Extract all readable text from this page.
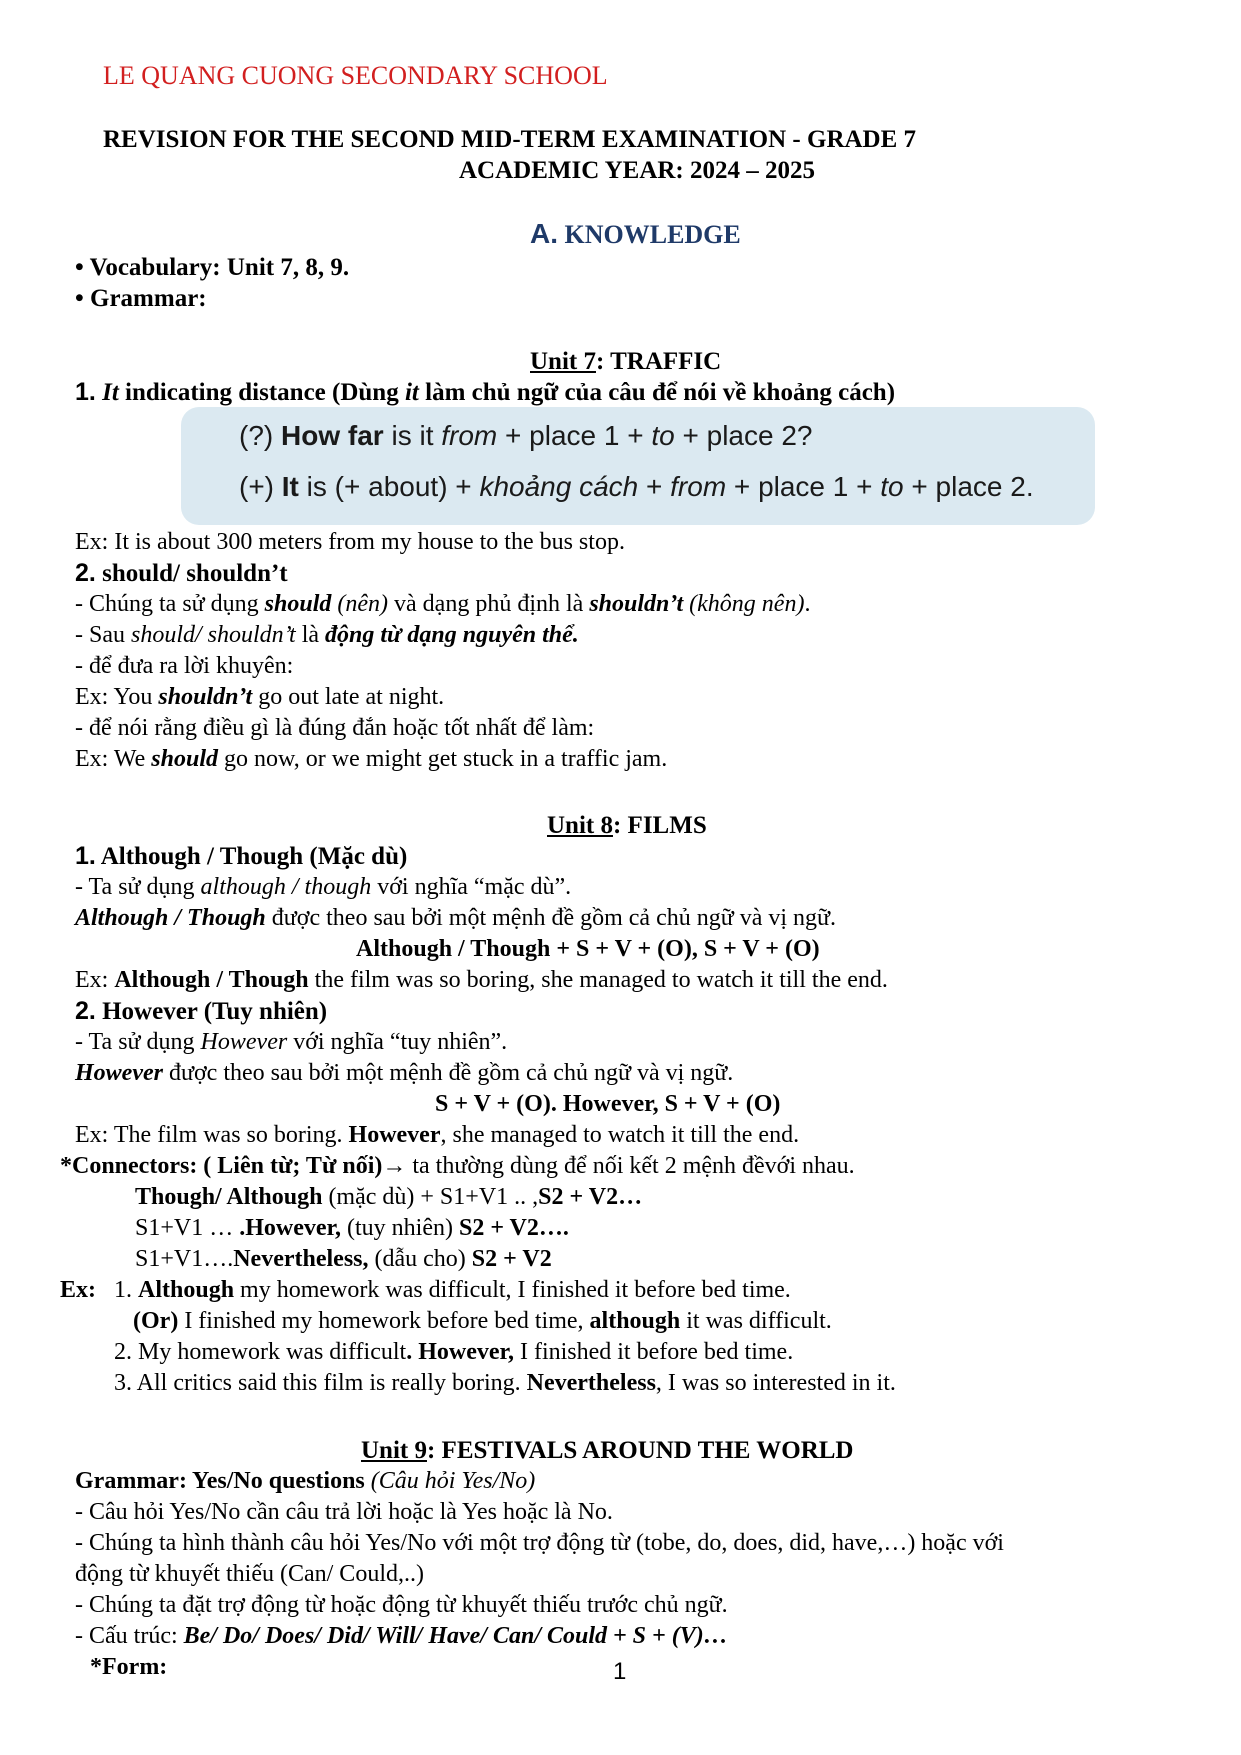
LE QUANG CUONG SECONDARY SCHOOL
REVISION FOR THE SECOND MID-TERM EXAMINATION - GRADE 7
ACADEMIC YEAR: 2024 – 2025
A. KNOWLEDGE
• Vocabulary: Unit 7, 8, 9.
• Grammar:
Unit 7: TRAFFIC
1. It indicating distance (Dùng it làm chủ ngữ của câu để nói về khoảng cách)
(?) How far is it from + place 1 + to + place 2?
(+) It is (+ about) + khoảng cách + from + place 1 + to + place 2.
Ex: It is about 300 meters from my house to the bus stop.
2. should/ shouldn’t
- Chúng ta sử dụng should (nên) và dạng phủ định là shouldn’t (không nên).
- Sau should/ shouldn’t là động từ dạng nguyên thể.
- để đưa ra lời khuyên:
Ex: You shouldn’t go out late at night.
- để nói rằng điều gì là đúng đắn hoặc tốt nhất để làm:
Ex: We should go now, or we might get stuck in a traffic jam.
Unit 8: FILMS
1. Although / Though (Mặc dù)
- Ta sử dụng although / though với nghĩa “mặc dù”.
Although / Though được theo sau bởi một mệnh đề gồm cả chủ ngữ và vị ngữ.
Although / Though + S + V + (O), S + V + (O)
Ex: Although / Though the film was so boring, she managed to watch it till the end.
2. However (Tuy nhiên)
- Ta sử dụng However với nghĩa “tuy nhiên”.
However được theo sau bởi một mệnh đề gồm cả chủ ngữ và vị ngữ.
S + V + (O). However, S + V + (O)
Ex: The film was so boring. However, she managed to watch it till the end.
*Connectors: ( Liên từ; Từ nối)→ ta thường dùng để nối kết 2 mệnh đềvới nhau.
Though/ Although (mặc dù) + S1+V1 .. ,S2 + V2…
S1+V1 … .However, (tuy nhiên) S2 + V2….
S1+V1….Nevertheless, (dẫu cho) S2 + V2
Ex: 1. Although my homework was difficult, I finished it before bed time.
(Or) I finished my homework before bed time, although it was difficult.
2. My homework was difficult. However, I finished it before bed time.
3. All critics said this film is really boring. Nevertheless, I was so interested in it.
Unit 9: FESTIVALS AROUND THE WORLD
Grammar: Yes/No questions (Câu hỏi Yes/No)
- Câu hỏi Yes/No cần câu trả lời hoặc là Yes hoặc là No.
- Chúng ta hình thành câu hỏi Yes/No với một trợ động từ (tobe, do, does, did, have,…) hoặc với
động từ khuyết thiếu (Can/ Could,..)
- Chúng ta đặt trợ động từ hoặc động từ khuyết thiếu trước chủ ngữ.
- Cấu trúc: Be/ Do/ Does/ Did/ Will/ Have/ Can/ Could + S + (V)…
*Form:	1
